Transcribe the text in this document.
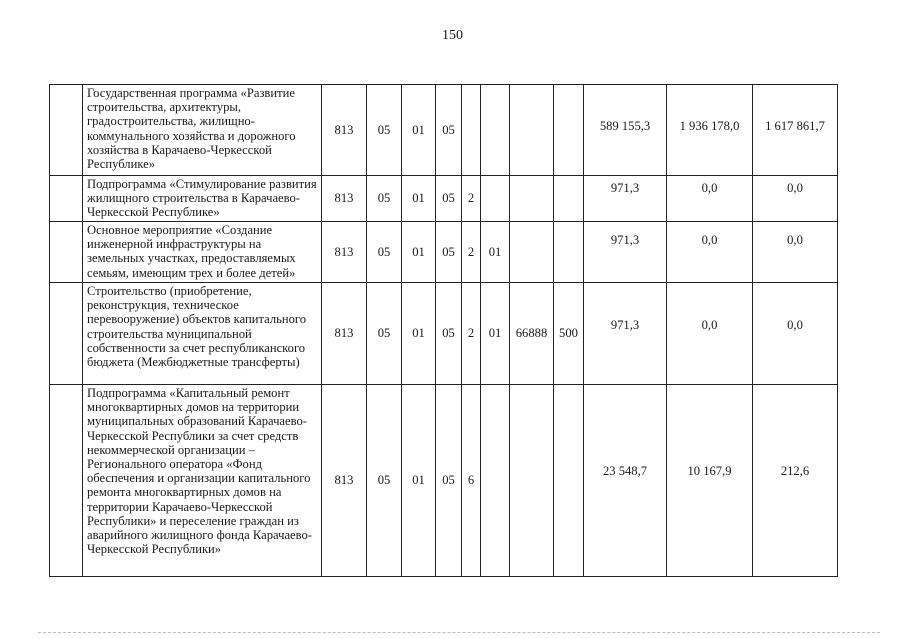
150
	Государственная программа «Развитие строительства, архитектуры, градостроительства, жилищно-коммунального хозяйства и дорожного хозяйства в Карачаево-Черкесской Республике»	813	05	01	05					589 155,3	1 936 178,0	1 617 861,7
	Подпрограмма «Стимулирование развития жилищного строительства в Карачаево-Черкесской Республике»	813	05	01	05	2				971,3	0,0	0,0
	Основное мероприятие «Создание инженерной инфраструктуры на земельных участках, предоставляемых семьям, имеющим трех и более детей»	813	05	01	05	2	01			971,3	0,0	0,0
	Строительство (приобретение, реконструкция, техническое перевооружение) объектов капитального строительства муниципальной собственности за счет республиканского бюджета (Межбюджетные трансферты)	813	05	01	05	2	01	66888	500	971,3	0,0	0,0
	Подпрограмма «Капитальный ремонт многоквартирных домов на территории муниципальных образований Карачаево-Черкесской Республики за счет средств некоммерческой организации – Регионального оператора «Фонд обеспечения и организации капитального ремонта многоквартирных домов на территории Карачаево-Черкесской Республики» и переселение граждан из аварийного жилищного фонда Карачаево-Черкесской Республики»	813	05	01	05	6				23 548,7	10 167,9	212,6
